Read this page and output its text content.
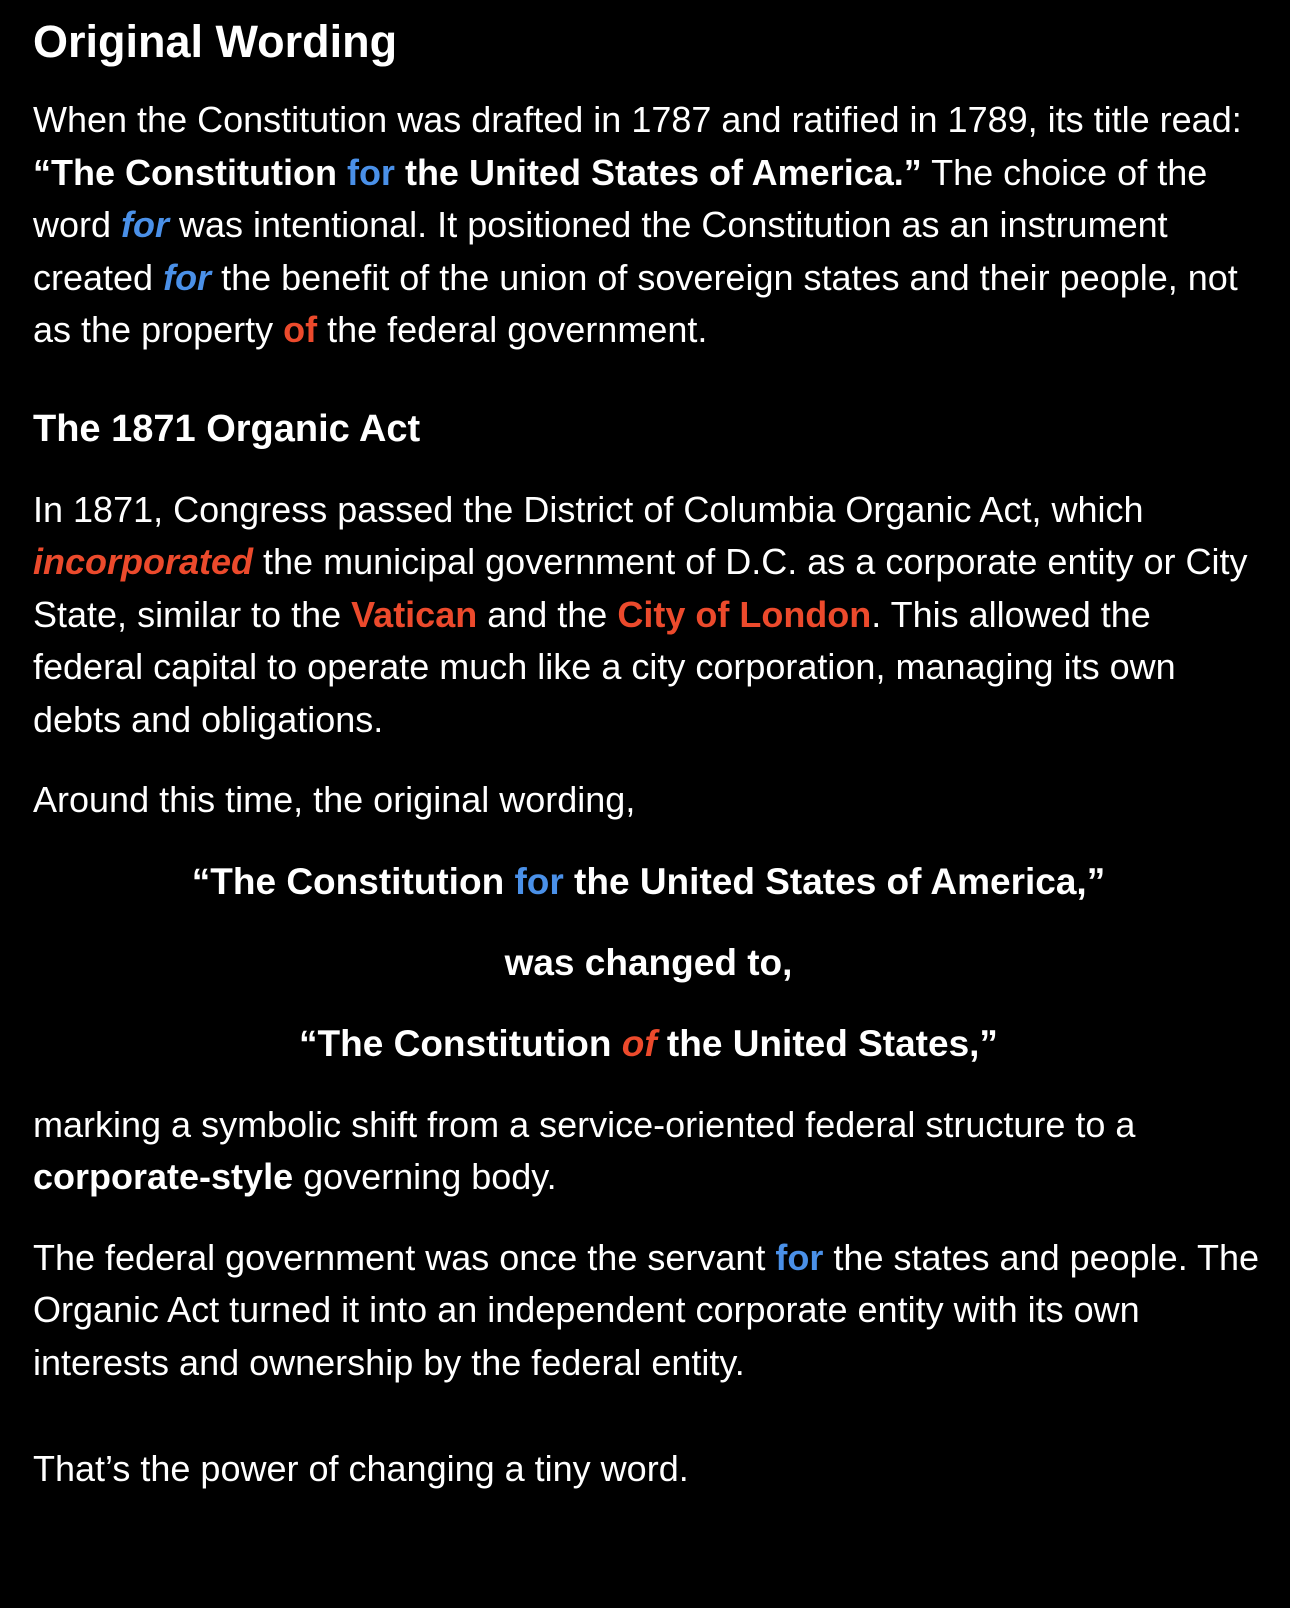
Original Wording

When the Constitution was drafted in 1787 and ratified in 1789, its title read: “The Constitution for the United States of America.” The choice of the word for was intentional. It positioned the Constitution as an instrument created for the benefit of the union of sovereign states and their people, not as the property of the federal government.

The 1871 Organic Act

In 1871, Congress passed the District of Columbia Organic Act, which incorporated the municipal government of D.C. as a corporate entity or City State, similar to the Vatican and the City of London. This allowed the federal capital to operate much like a city corporation, managing its own debts and obligations.

Around this time, the original wording,

“The Constitution for the United States of America,”

was changed to,

“The Constitution of the United States,”

marking a symbolic shift from a service-oriented federal structure to a corporate-style governing body.

The federal government was once the servant for the states and people. The Organic Act turned it into an independent corporate entity with its own interests and ownership by the federal entity.

That’s the power of changing a tiny word.
